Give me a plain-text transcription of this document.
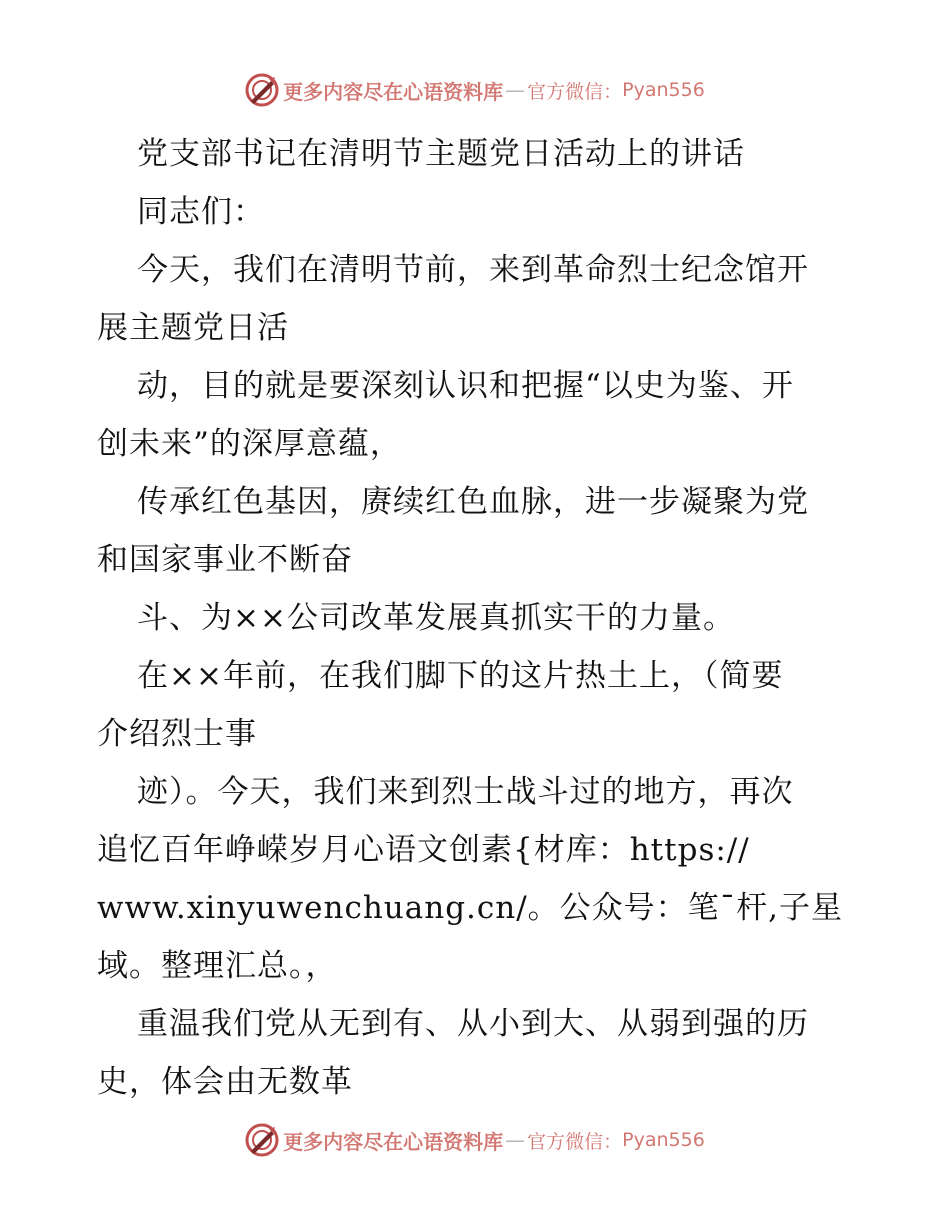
更多内容尽在心语资料库 — 官方微信： Pyan556
党支部书记在清明节主题党日活动上的讲话
同志们：
今天，我们在清明节前，来到革命烈士纪念馆开
展主题党日活
动，目的就是要深刻认识和把握“以史为鉴、开
创未来”的深厚意蕴，
传承红色基因，赓续红色血脉，进一步凝聚为党
和国家事业不断奋
斗、为××公司改革发展真抓实干的力量。
在××年前，在我们脚下的这片热土上，（简要
介绍烈士事
迹）。今天，我们来到烈士战斗过的地方，再次
追忆百年峥嵘岁月心语文创素{材库：https://
www.xinyuwenchuang.cn/。公众号：笔¯杆,子星
域。整理汇总。，
重温我们党从无到有、从小到大、从弱到强的历
史，体会由无数革
更多内容尽在心语资料库 — 官方微信： Pyan556
